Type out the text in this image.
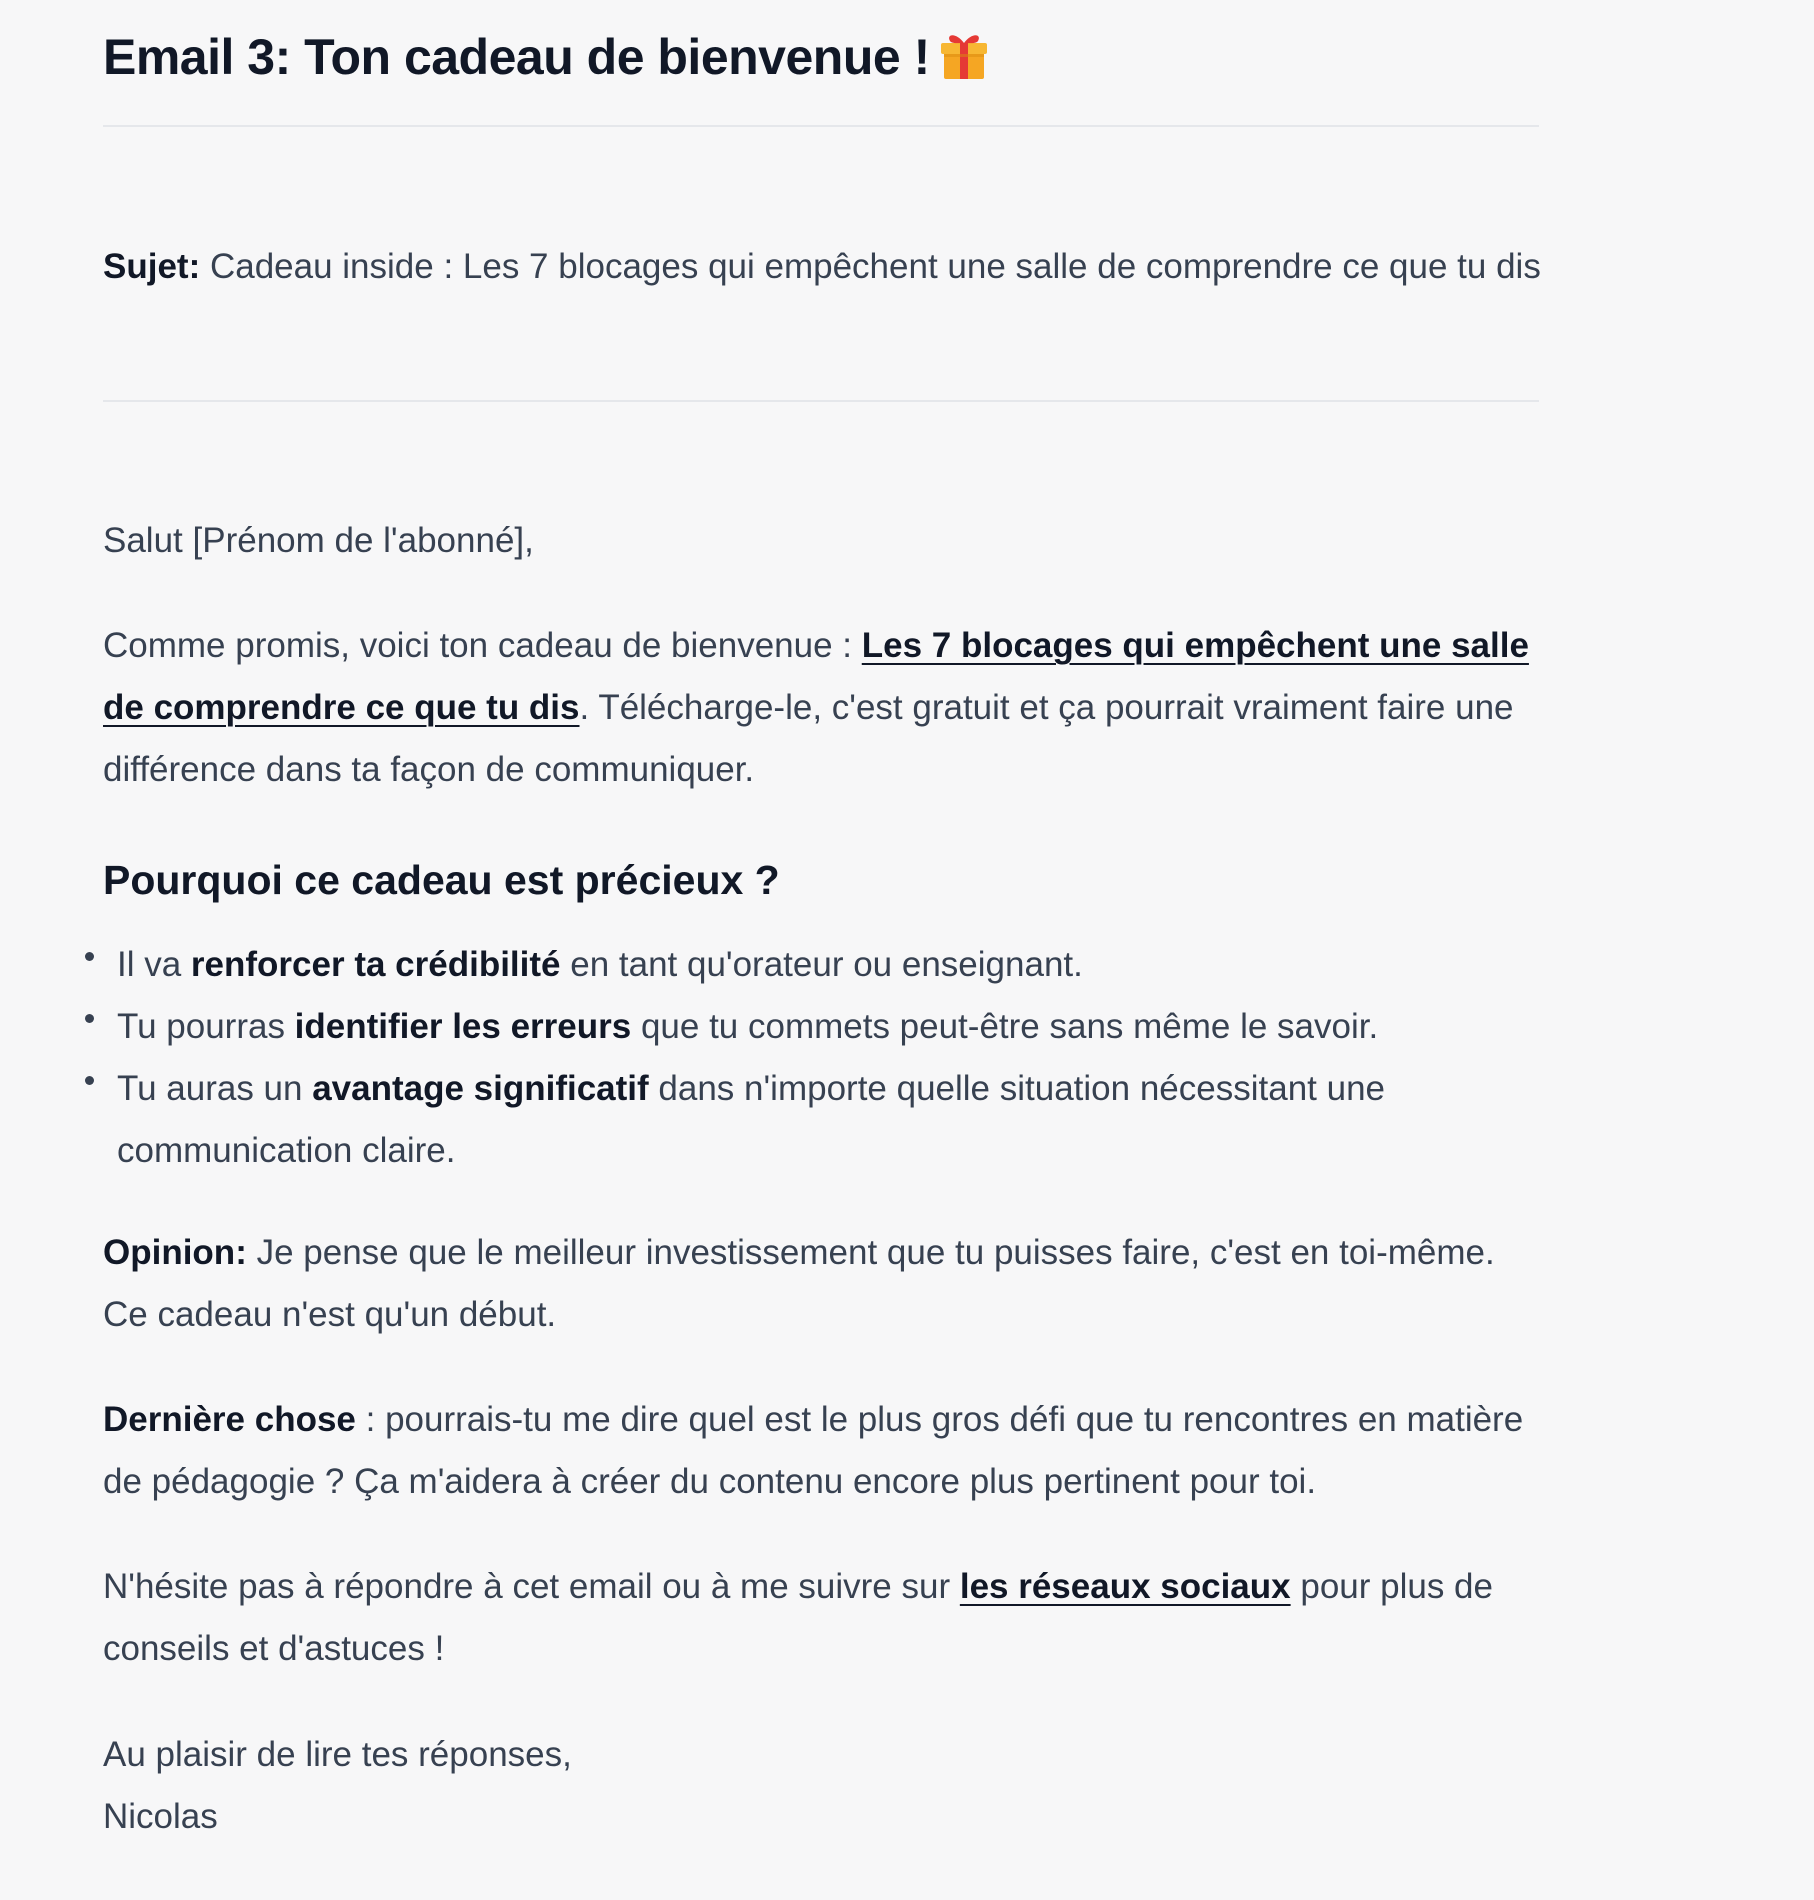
Email 3: Ton cadeau de bienvenue !

Sujet: Cadeau inside : Les 7 blocages qui empêchent une salle de comprendre ce que tu dis

Salut [Prénom de l'abonné],

Comme promis, voici ton cadeau de bienvenue : Les 7 blocages qui empêchent une salle de comprendre ce que tu dis. Télécharge-le, c'est gratuit et ça pourrait vraiment faire une différence dans ta façon de communiquer.

Pourquoi ce cadeau est précieux ?
Il va renforcer ta crédibilité en tant qu'orateur ou enseignant.
Tu pourras identifier les erreurs que tu commets peut-être sans même le savoir.
Tu auras un avantage significatif dans n'importe quelle situation nécessitant une communication claire.

Opinion: Je pense que le meilleur investissement que tu puisses faire, c'est en toi-même. Ce cadeau n'est qu'un début.

Dernière chose : pourrais-tu me dire quel est le plus gros défi que tu rencontres en matière de pédagogie ? Ça m'aidera à créer du contenu encore plus pertinent pour toi.

N'hésite pas à répondre à cet email ou à me suivre sur les réseaux sociaux pour plus de conseils et d'astuces !

Au plaisir de lire tes réponses,

Nicolas
